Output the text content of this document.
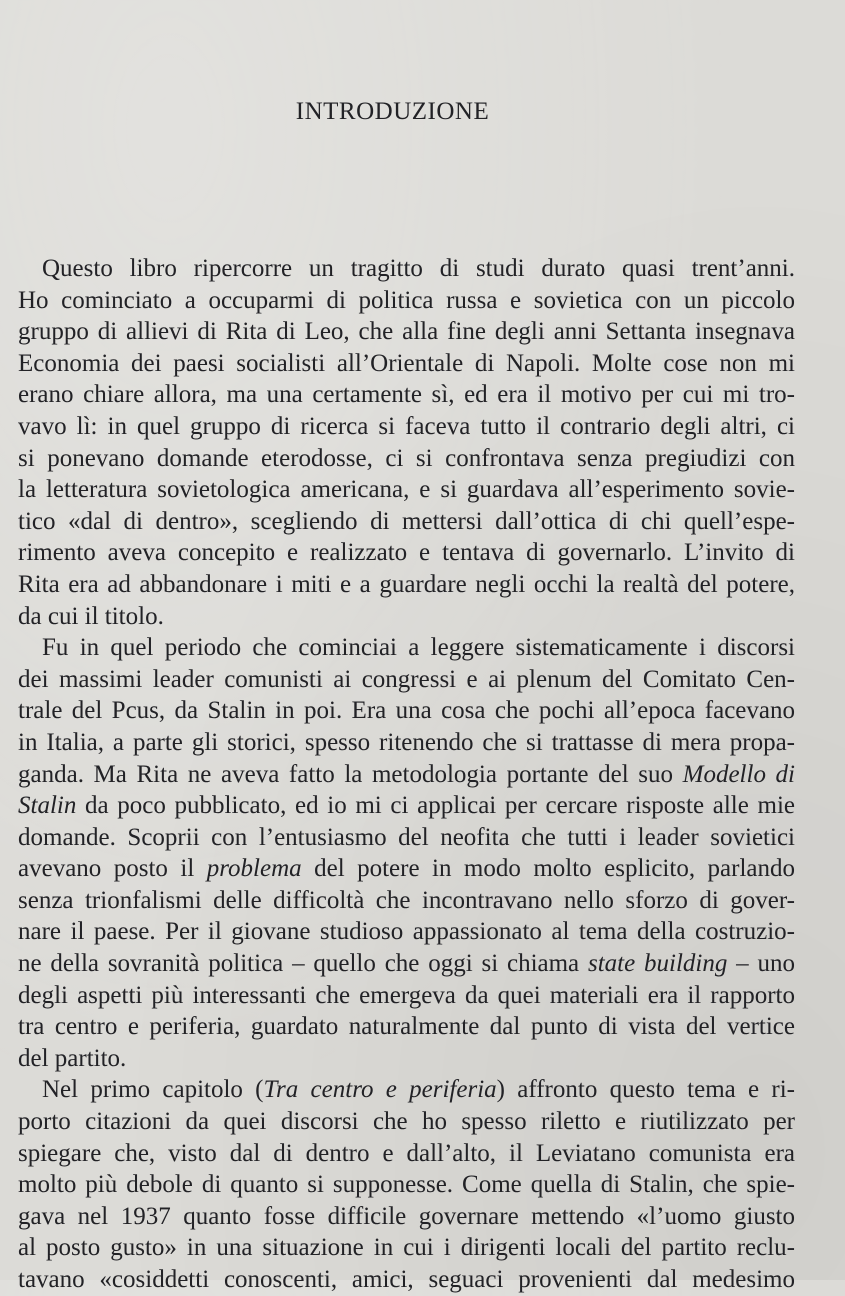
INTRODUZIONE
Questo libro ripercorre un tragitto di studi durato quasi trent’anni.
Ho cominciato a occuparmi di politica russa e sovietica con un piccolo
gruppo di allievi di Rita di Leo, che alla fine degli anni Settanta insegnava
Economia dei paesi socialisti all’Orientale di Napoli. Molte cose non mi
erano chiare allora, ma una certamente sì, ed era il motivo per cui mi tro-
vavo lì: in quel gruppo di ricerca si faceva tutto il contrario degli altri, ci
si ponevano domande eterodosse, ci si confrontava senza pregiudizi con
la letteratura sovietologica americana, e si guardava all’esperimento sovie-
tico «dal di dentro», scegliendo di mettersi dall’ottica di chi quell’espe-
rimento aveva concepito e realizzato e tentava di governarlo. L’invito di
Rita era ad abbandonare i miti e a guardare negli occhi la realtà del potere,
da cui il titolo.
Fu in quel periodo che cominciai a leggere sistematicamente i discorsi
dei massimi leader comunisti ai congressi e ai plenum del Comitato Cen-
trale del Pcus, da Stalin in poi. Era una cosa che pochi all’epoca facevano
in Italia, a parte gli storici, spesso ritenendo che si trattasse di mera propa-
ganda. Ma Rita ne aveva fatto la metodologia portante del suo Modello di
Stalin da poco pubblicato, ed io mi ci applicai per cercare risposte alle mie
domande. Scoprii con l’entusiasmo del neofita che tutti i leader sovietici
avevano posto il problema del potere in modo molto esplicito, parlando
senza trionfalismi delle difficoltà che incontravano nello sforzo di gover-
nare il paese. Per il giovane studioso appassionato al tema della costruzio-
ne della sovranità politica – quello che oggi si chiama state building – uno
degli aspetti più interessanti che emergeva da quei materiali era il rapporto
tra centro e periferia, guardato naturalmente dal punto di vista del vertice
del partito.
Nel primo capitolo (Tra centro e periferia) affronto questo tema e ri-
porto citazioni da quei discorsi che ho spesso riletto e riutilizzato per
spiegare che, visto dal di dentro e dall’alto, il Leviatano comunista era
molto più debole di quanto si supponesse. Come quella di Stalin, che spie-
gava nel 1937 quanto fosse difficile governare mettendo «l’uomo giusto
al posto gusto» in una situazione in cui i dirigenti locali del partito reclu-
tavano «cosiddetti conoscenti, amici, seguaci provenienti dal medesimo
